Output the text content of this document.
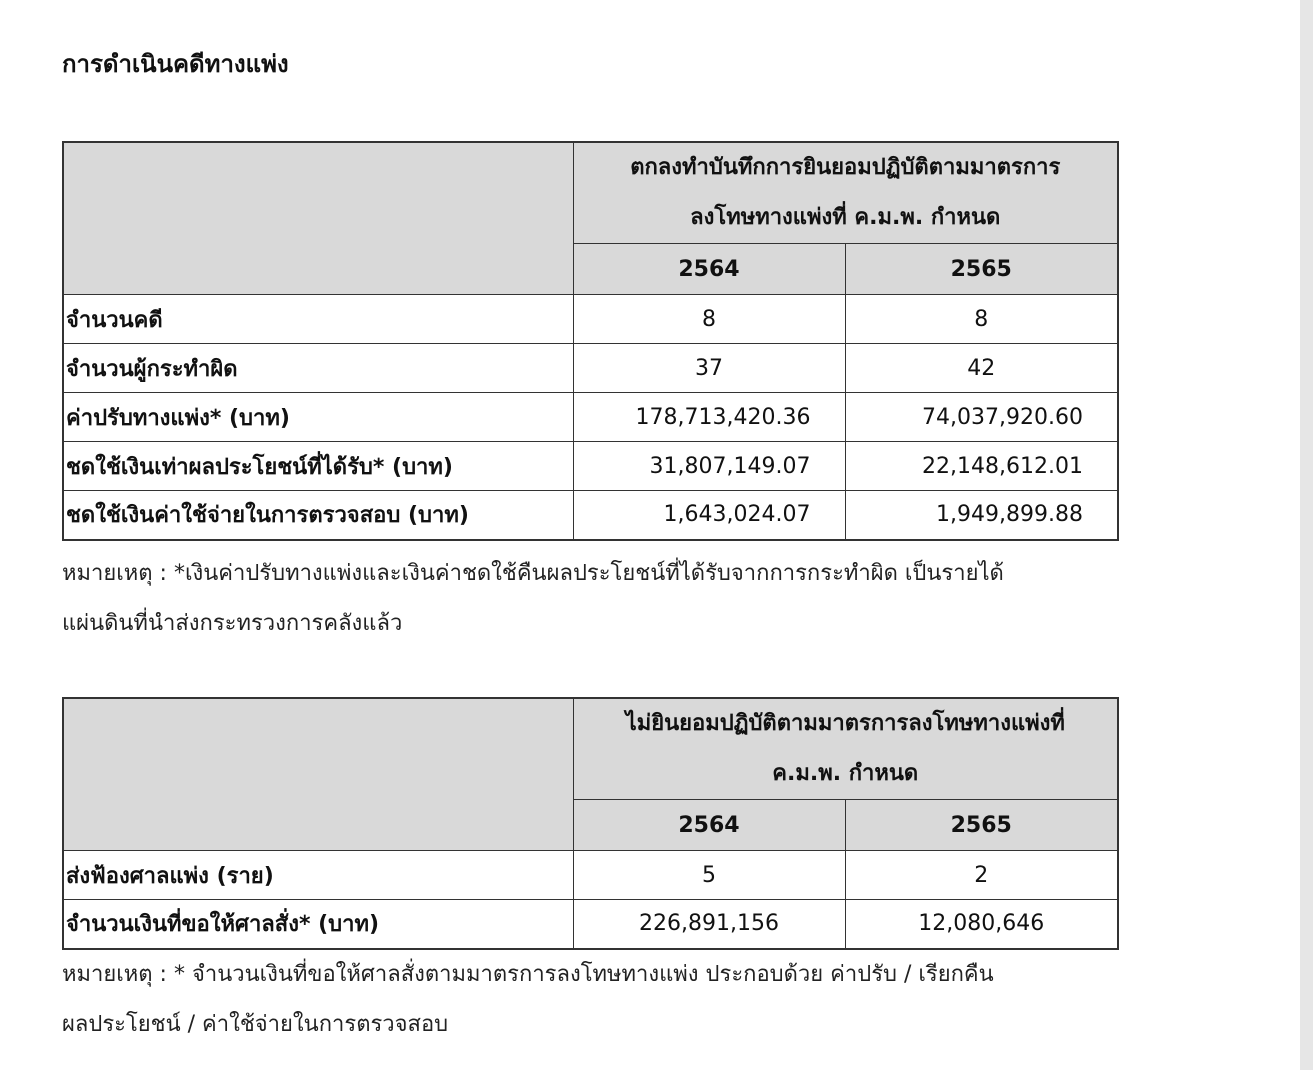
การดำเนินคดีทางแพ่ง

	ตกลงทำบันทึกการยินยอมปฏิบัติตามมาตรการ
ลงโทษทางแพ่งที่ ค.ม.พ. กำหนด	

	2564	2565
จำนวนคดี	8	8
จำนวนผู้กระทำผิด	37	42
ค่าปรับทางแพ่ง* (บาท)	178,713,420.36	74,037,920.60
ชดใช้เงินเท่าผลประโยชน์ที่ได้รับ* (บาท)	31,807,149.07	22,148,612.01
ชดใช้เงินค่าใช้จ่ายในการตรวจสอบ (บาท)	1,643,024.07	1,949,899.88
หมายเหตุ : *เงินค่าปรับทางแพ่งและเงินค่าชดใช้คืนผลประโยชน์ที่ได้รับจากการกระทำผิด เป็นรายได้
แผ่นดินที่นำส่งกระทรวงการคลังแล้ว

	ไม่ยินยอมปฏิบัติตามมาตรการลงโทษทางแพ่งที่
ค.ม.พ. กำหนด	

	2564	2565
ส่งฟ้องศาลแพ่ง (ราย)	5	2
จำนวนเงินที่ขอให้ศาลสั่ง* (บาท)	226,891,156	12,080,646
หมายเหตุ : * จำนวนเงินที่ขอให้ศาลสั่งตามมาตรการลงโทษทางแพ่ง ประกอบด้วย ค่าปรับ / เรียกคืน
ผลประโยชน์ / ค่าใช้จ่ายในการตรวจสอบ
